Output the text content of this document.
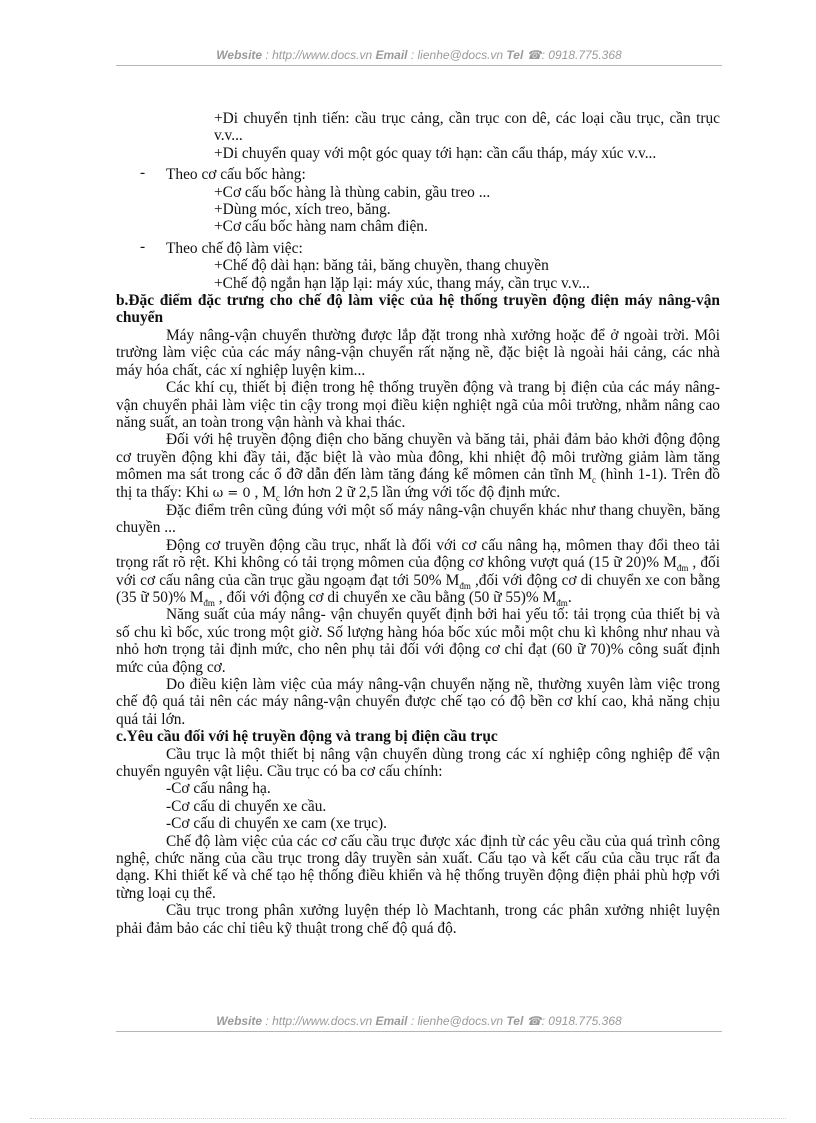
Website : http://www.docs.vn Email : lienhe@docs.vn Tel ☎: 0918.775.368

+Di chuyển tịnh tiến: cầu trục cảng, cần trục con dê, các loại cầu trục, cần trục v.v...

+Di chuyển quay với một góc quay tới hạn: cần cẩu tháp, máy xúc v.v...

- Theo cơ cấu bốc hàng:

+Cơ cấu bốc hàng là thùng cabin, gầu treo ...

+Dùng móc, xích treo, băng.

+Cơ cấu bốc hàng nam châm điện.

- Theo chế độ làm việc:

+Chế độ dài hạn: băng tải, băng chuyền, thang chuyền

+Chế độ ngắn hạn lặp lại: máy xúc, thang máy, cần trục v.v...

b.Đặc điểm đặc trưng cho chế độ làm việc của hệ thống truyền động điện máy nâng-vận chuyển

Máy nâng-vận chuyển thường được lắp đặt trong nhà xưởng hoặc để ở ngoài trời. Môi trường làm việc của các máy nâng-vận chuyển rất nặng nề, đặc biệt là ngoài hải cảng, các nhà máy hóa chất, các xí nghiệp luyện kim...

Các khí cụ, thiết bị điện trong hệ thống truyền động và trang bị điện của các máy nâng-vận chuyển phải làm việc tin cậy trong mọi điều kiện nghiệt ngã của môi trường, nhằm nâng cao năng suất, an toàn trong vận hành và khai thác.

Đối với hệ truyền động điện cho băng chuyền và băng tải, phải đảm bảo khởi động động cơ truyền động khi đầy tải, đặc biệt là vào mùa đông, khi nhiệt độ môi trường giảm làm tăng mômen ma sát trong các ổ đỡ dẫn đến làm tăng đáng kể mômen cản tĩnh $M_c$ (hình 1-1). Trên đồ thị ta thấy: Khi ω = 0 , $M_c$ lớn hơn 2 ữ 2,5 lần ứng với tốc độ định mức.

Đặc điểm trên cũng đúng với một số máy nâng-vận chuyển khác như thang chuyền, băng chuyền ...

Động cơ truyền động cầu trục, nhất là đối với cơ cấu nâng hạ, mômen thay đổi theo tải trọng rất rõ rệt. Khi không có tải trọng mômen của động cơ không vượt quá (15 ữ 20)% $M_{đm}$ , đối với cơ cấu nâng của cần trục gầu ngoạm đạt tới 50% $M_{đm}$ ,đối với động cơ di chuyển xe con bằng (35 ữ 50)% $M_{đm}$ , đối với động cơ di chuyển xe cầu bằng (50 ữ 55)% $M_{đm}$.

Năng suất của máy nâng- vận chuyển quyết định bởi hai yếu tố: tải trọng của thiết bị và số chu kì bốc, xúc trong một giờ. Số lượng hàng hóa bốc xúc mỗi một chu kì không như nhau và nhỏ hơn trọng tải định mức, cho nên phụ tải đối với động cơ chỉ đạt (60 ữ 70)% công suất định mức của động cơ.

Do điều kiện làm việc của máy nâng-vận chuyển nặng nề, thường xuyên làm việc trong chế độ quá tải nên các máy nâng-vận chuyển được chế tạo có độ bền cơ khí cao, khả năng chịu quá tải lớn.

c.Yêu cầu đối với hệ truyền động và trang bị điện cầu trục

Cầu trục là một thiết bị nâng vận chuyển dùng trong các xí nghiệp công nghiệp để vận chuyển nguyên vật liệu. Cầu trục có ba cơ cấu chính:

-Cơ cấu nâng hạ.

-Cơ cấu di chuyển xe cầu.

-Cơ cấu di chuyển xe cam (xe trục).

Chế độ làm việc của các cơ cấu cầu trục được xác định từ các yêu cầu của quá trình công nghệ, chức năng của cầu trục trong dây truyền sản xuất. Cấu tạo và kết cấu của cầu trục rất đa dạng. Khi thiết kế và chế tạo hệ thống điều khiển và hệ thống truyền động điện phải phù hợp với từng loại cụ thể.

Cầu trục trong phân xưởng luyện thép lò Machtanh, trong các phân xưởng nhiệt luyện phải đảm bảo các chỉ tiêu kỹ thuật trong chế độ quá độ.

Website : http://www.docs.vn Email : lienhe@docs.vn Tel ☎: 0918.775.368
